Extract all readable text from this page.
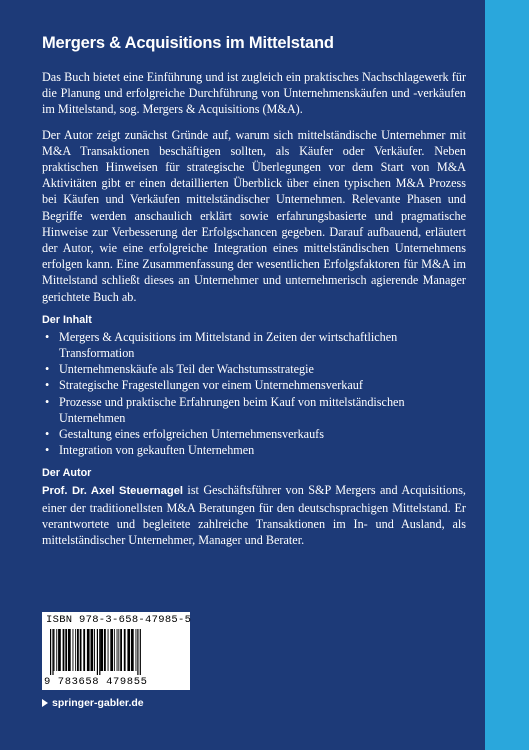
Mergers & Acquisitions im Mittelstand

Das Buch bietet eine Einführung und ist zugleich ein praktisches Nachschlagewerk für die Planung und erfolgreiche Durchführung von Unternehmenskäufen und -verkäufen im Mittelstand, sog. Mergers & Acquisitions (M&A).

Der Autor zeigt zunächst Gründe auf, warum sich mittelständische Unternehmer mit M&A Transaktionen beschäftigen sollten, als Käufer oder Verkäufer. Neben praktischen Hinweisen für strategische Überlegungen vor dem Start von M&A Aktivitäten gibt er einen detaillierten Überblick über einen typischen M&A Prozess bei Käufen und Verkäufen mittelständischer Unternehmen. Relevante Phasen und Begriffe werden anschaulich erklärt sowie erfahrungsbasierte und pragmatische Hinweise zur Verbesserung der Erfolgschancen gegeben. Darauf aufbauend, erläutert der Autor, wie eine erfolgreiche Integration eines mittelständischen Unternehmens erfolgen kann. Eine Zusammenfassung der wesentlichen Erfolgsfaktoren für M&A im Mittelstand schließt dieses an Unternehmer und unternehmerisch agierende Manager gerichtete Buch ab.

Der Inhalt
• Mergers & Acquisitions im Mittelstand in Zeiten der wirtschaftlichen Transformation
• Unternehmenskäufe als Teil der Wachstumsstrategie
• Strategische Fragestellungen vor einem Unternehmensverkauf
• Prozesse und praktische Erfahrungen beim Kauf von mittelständischen Unternehmen
• Gestaltung eines erfolgreichen Unternehmensverkaufs
• Integration von gekauften Unternehmen
Der Autor

Prof. Dr. Axel Steuernagel ist Geschäftsführer von S&P Mergers and Acquisitions, einer der traditionellsten M&A Beratungen für den deutschsprachigen Mittelstand. Er verantwortete und begleitete zahlreiche Transaktionen im In- und Ausland, als mittelständischer Unternehmer, Manager und Berater.

ISBN 978-3-658-47985-5
9 783658 479855
springer-gabler.de
